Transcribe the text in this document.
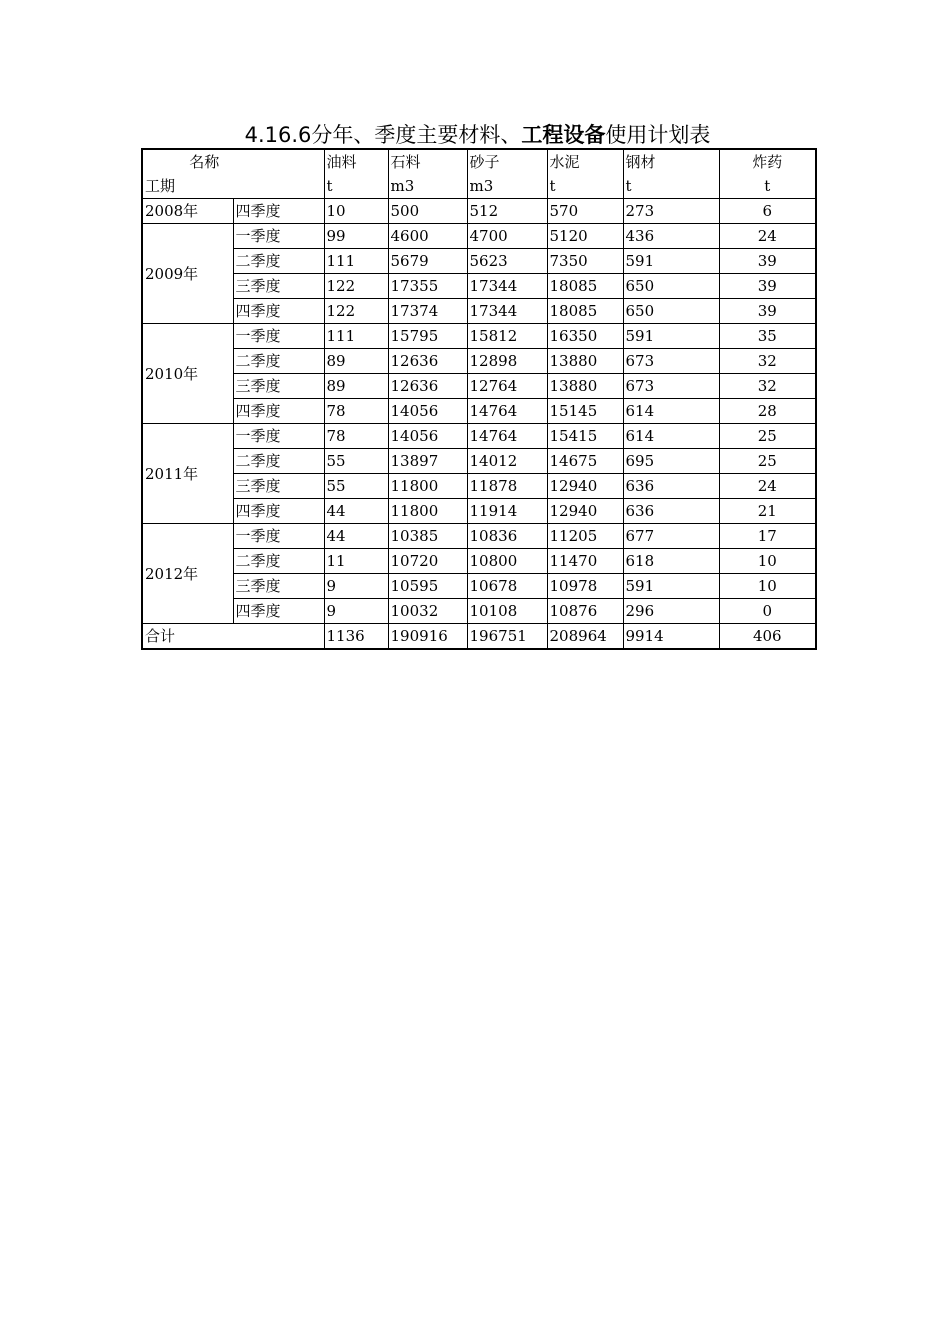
4.16.6分年、季度主要材料、工程设备使用计划表
名称		油料	石料	砂子	水泥	钢材	炸药
工期		t	m3	m3	t	t	t
2008年	四季度	10	500	512	570	273	6
2009年	一季度	99	4600	4700	5120	436	24
	二季度	111	5679	5623	7350	591	39
	三季度	122	17355	17344	18085	650	39
	四季度	122	17374	17344	18085	650	39
2010年	一季度	111	15795	15812	16350	591	35
	二季度	89	12636	12898	13880	673	32
	三季度	89	12636	12764	13880	673	32
	四季度	78	14056	14764	15145	614	28
2011年	一季度	78	14056	14764	15415	614	25
	二季度	55	13897	14012	14675	695	25
	三季度	55	11800	11878	12940	636	24
	四季度	44	11800	11914	12940	636	21
2012年	一季度	44	10385	10836	11205	677	17
	二季度	11	10720	10800	11470	618	10
	三季度	9	10595	10678	10978	591	10
	四季度	9	10032	10108	10876	296	0
合计		1136	190916	196751	208964	9914	406
